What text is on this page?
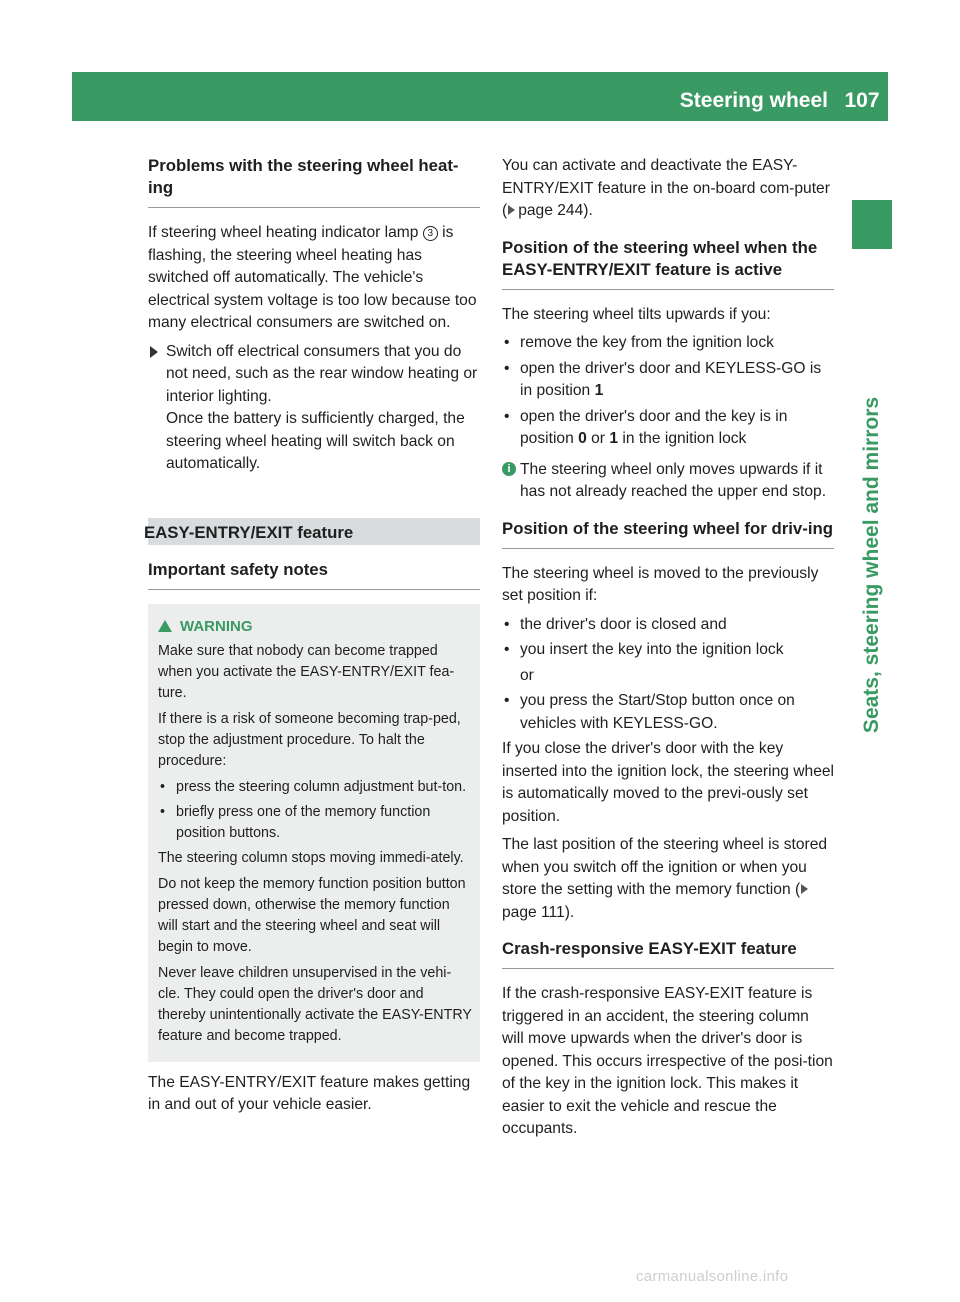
Steering wheel 107
Seats, steering wheel and mirrors
Problems with the steering wheel heat-ing

If steering wheel heating indicator lamp 3 is flashing, the steering wheel heating has switched off automatically. The vehicle's electrical system voltage is too low because too many electrical consumers are switched on.

Switch off electrical consumers that you do not need, such as the rear window heating or interior lighting.
Once the battery is sufficiently charged, the steering wheel heating will switch back on automatically.
EASY-ENTRY/EXIT feature
Important safety notes
WARNING

Make sure that nobody can become trapped when you activate the EASY-ENTRY/EXIT fea-ture.

If there is a risk of someone becoming trap-ped, stop the adjustment procedure. To halt the procedure:

• press the steering column adjustment but-ton.
• briefly press one of the memory function position buttons.

The steering column stops moving immedi-ately.

Do not keep the memory function position button pressed down, otherwise the memory function will start and the steering wheel and seat will begin to move.

Never leave children unsupervised in the vehi-cle. They could open the driver's door and thereby unintentionally activate the EASY-ENTRY feature and become trapped.

The EASY-ENTRY/EXIT feature makes getting in and out of your vehicle easier.

You can activate and deactivate the EASY-ENTRY/EXIT feature in the on-board com-puter ( page 244).

Position of the steering wheel when the EASY-ENTRY/EXIT feature is active

The steering wheel tilts upwards if you:

• remove the key from the ignition lock
• open the driver's door and KEYLESS-GO is in position 1
• open the driver's door and the key is in position 0 or 1 in the ignition lock
i The steering wheel only moves upwards if it has not already reached the upper end stop.
Position of the steering wheel for driv-ing

The steering wheel is moved to the previously set position if:

• the driver's door is closed and
• you insert the key into the ignition lock
or
• you press the Start/Stop button once on vehicles with KEYLESS-GO.

If you close the driver's door with the key inserted into the ignition lock, the steering wheel is automatically moved to the previ-ously set position.

The last position of the steering wheel is stored when you switch off the ignition or when you store the setting with the memory function (page 111).

Crash-responsive EASY-EXIT feature

If the crash-responsive EASY-EXIT feature is triggered in an accident, the steering column will move upwards when the driver's door is opened. This occurs irrespective of the posi-tion of the key in the ignition lock. This makes it easier to exit the vehicle and rescue the occupants.

carmanualsonline.info
